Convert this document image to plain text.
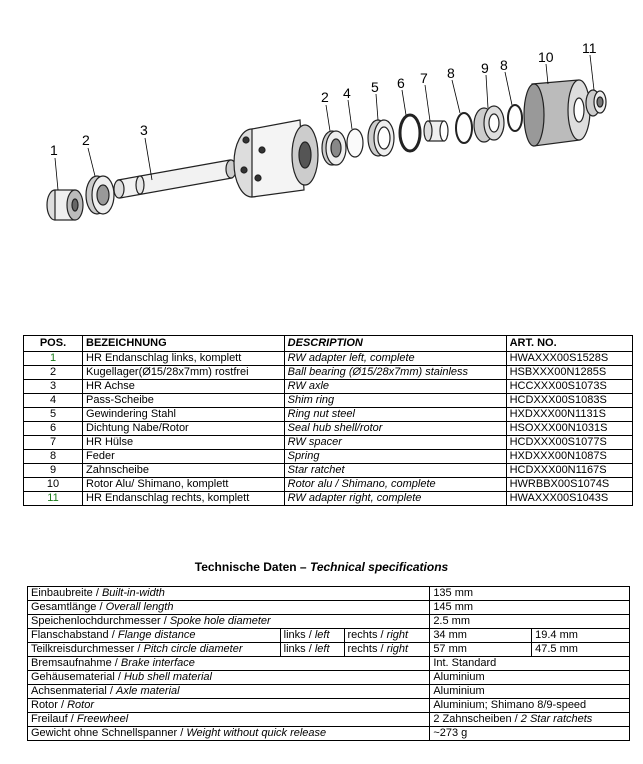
1
2
3
2 4 5 6 7 8 9 8 10
11
POS.	BEZEICHNUNG	DESCRIPTION	ART. NO.
1	HR Endanschlag links, komplett	RW adapter left, complete	HWAXXX00S1528S
2	Kugellager(Ø15/28x7mm) rostfrei	Ball bearing (Ø15/28x7mm) stainless	HSBXXX00N1285S
3	HR Achse	RW axle	HCCXXX00S1073S
4	Pass-Scheibe	Shim ring	HCDXXX00S1083S
5	Gewindering Stahl	Ring nut steel	HXDXXX00N1131S
6	Dichtung Nabe/Rotor	Seal hub shell/rotor	HSOXXX00N1031S
7	HR Hülse	RW spacer	HCDXXX00S1077S
8	Feder	Spring	HXDXXX00N1087S
9	Zahnscheibe	Star ratchet	HCDXXX00N1167S
10	Rotor Alu/ Shimano, komplett	Rotor alu / Shimano, complete	HWRBBX00S1074S
11	HR Endanschlag rechts, komplett	RW adapter right, complete	HWAXXX00S1043S
Technische Daten – Technical specifications
Einbaubreite / Built-in-width			135 mm	
Gesamtlänge / Overall length			145 mm	
Speichenlochdurchmesser / Spoke hole diameter			2.5 mm	
Flanschabstand / Flange distance	links / left	rechts / right	34 mm	19.4 mm
Teilkreisdurchmesser / Pitch circle diameter	links / left	rechts / right	57 mm	47.5 mm
Bremsaufnahme / Brake interface			Int. Standard	
Gehäusematerial / Hub shell material			Aluminium	
Achsenmaterial / Axle material			Aluminium	
Rotor / Rotor			Aluminium; Shimano 8/9-speed	
Freilauf / Freewheel			2 Zahnscheiben / 2 Star ratchets	
Gewicht ohne Schnellspanner / Weight without quick release			~273 g	
